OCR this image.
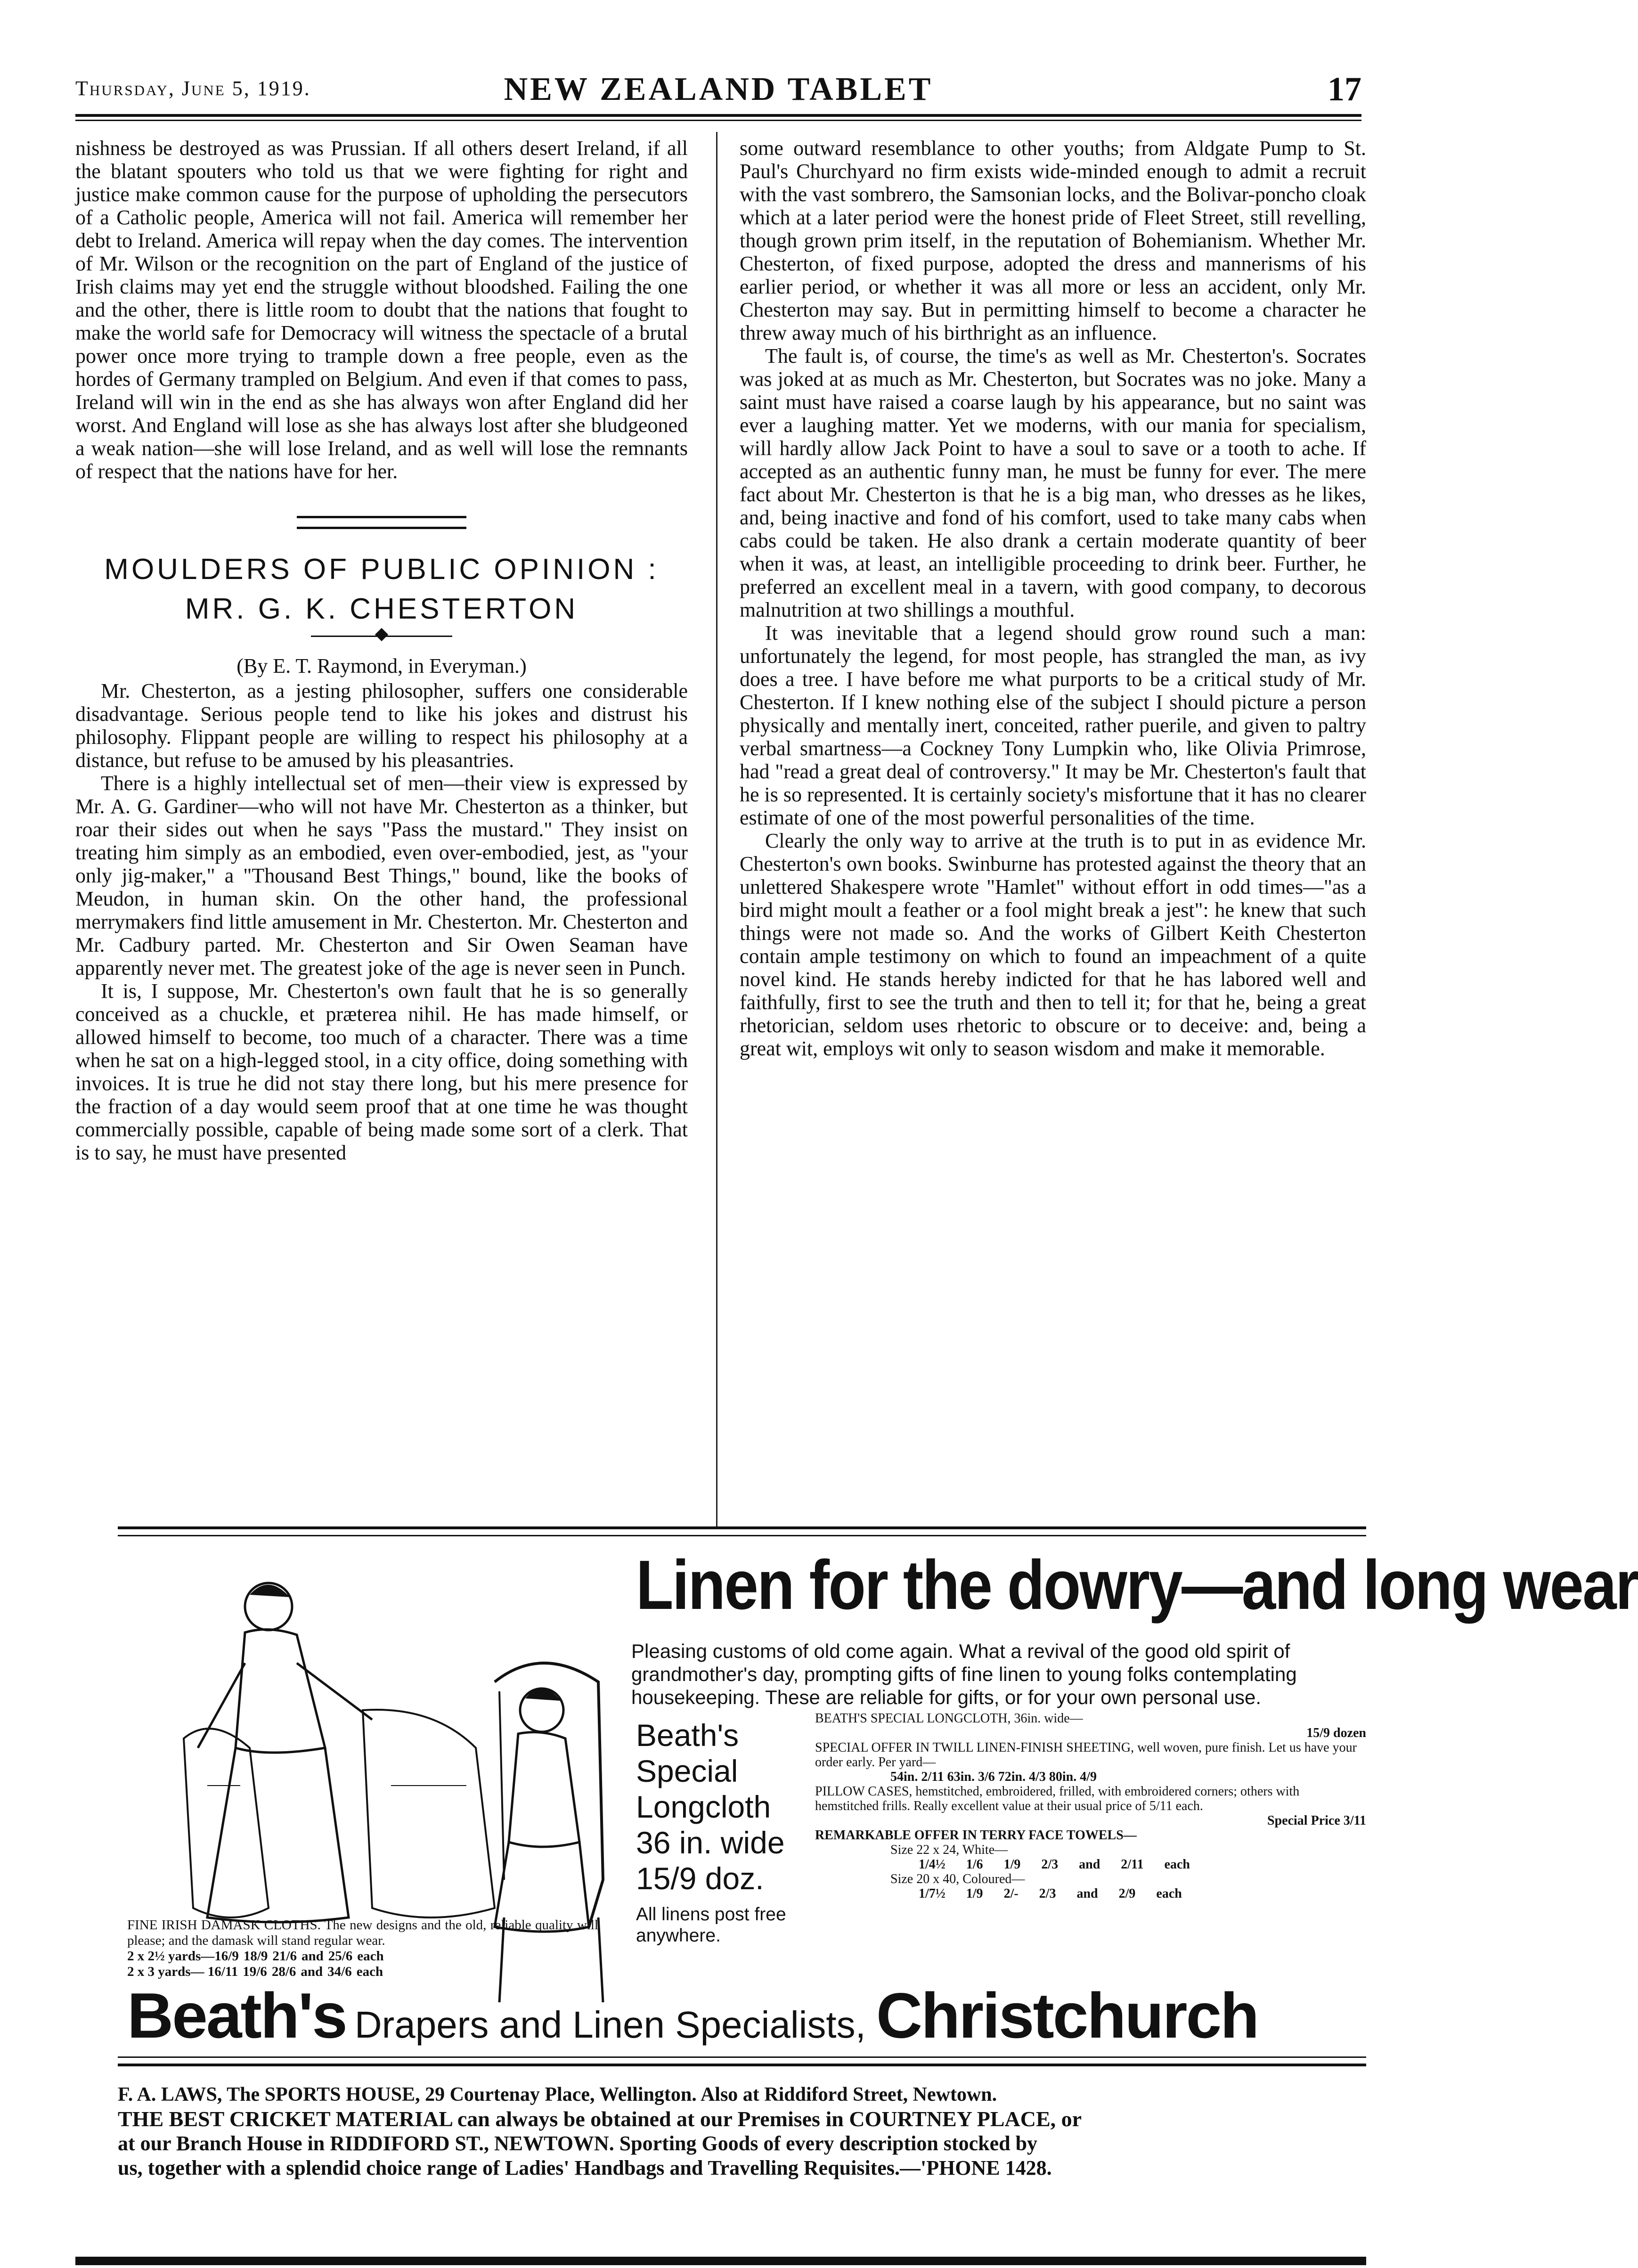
Thursday, June 5, 1919.	NEW ZEALAND TABLET	17

nishness be destroyed as was Prussian. If all others desert Ireland, if all the blatant spouters who told us that we were fighting for right and justice make common cause for the purpose of upholding the persecutors of a Catholic people, America will not fail. America will remember her debt to Ireland. America will repay when the day comes. The intervention of Mr. Wilson or the recognition on the part of England of the justice of Irish claims may yet end the struggle without bloodshed. Failing the one and the other, there is little room to doubt that the nations that fought to make the world safe for Democracy will witness the spectacle of a brutal power once more trying to trample down a free people, even as the hordes of Germany trampled on Belgium. And even if that comes to pass, Ireland will win in the end as she has always won after England did her worst. And England will lose as she has always lost after she bludgeoned a weak nation—she will lose Ireland, and as well will lose the remnants of respect that the nations have for her.

MOULDERS OF PUBLIC OPINION :
MR. G. K. CHESTERTON
(By E. T. Raymond, in Everyman.)

Mr. Chesterton, as a jesting philosopher, suffers one considerable disadvantage. Serious people tend to like his jokes and distrust his philosophy. Flippant people are willing to respect his philosophy at a distance, but refuse to be amused by his pleasantries.

There is a highly intellectual set of men—their view is expressed by Mr. A. G. Gardiner—who will not have Mr. Chesterton as a thinker, but roar their sides out when he says "Pass the mustard." They insist on treating him simply as an embodied, even over-embodied, jest, as "your only jig-maker," a "Thousand Best Things," bound, like the books of Meudon, in human skin. On the other hand, the professional merrymakers find little amusement in Mr. Chesterton. Mr. Chesterton and Mr. Cadbury parted. Mr. Chesterton and Sir Owen Seaman have apparently never met. The greatest joke of the age is never seen in Punch.

It is, I suppose, Mr. Chesterton's own fault that he is so generally conceived as a chuckle, et præterea nihil. He has made himself, or allowed himself to become, too much of a character. There was a time when he sat on a high-legged stool, in a city office, doing something with invoices. It is true he did not stay there long, but his mere presence for the fraction of a day would seem proof that at one time he was thought commercially possible, capable of being made some sort of a clerk. That is to say, he must have presented

some outward resemblance to other youths; from Aldgate Pump to St. Paul's Churchyard no firm exists wide-minded enough to admit a recruit with the vast sombrero, the Samsonian locks, and the Bolivar-poncho cloak which at a later period were the honest pride of Fleet Street, still revelling, though grown prim itself, in the reputation of Bohemianism. Whether Mr. Chesterton, of fixed purpose, adopted the dress and mannerisms of his earlier period, or whether it was all more or less an accident, only Mr. Chesterton may say. But in permitting himself to become a character he threw away much of his birthright as an influence.

The fault is, of course, the time's as well as Mr. Chesterton's. Socrates was joked at as much as Mr. Chesterton, but Socrates was no joke. Many a saint must have raised a coarse laugh by his appearance, but no saint was ever a laughing matter. Yet we moderns, with our mania for specialism, will hardly allow Jack Point to have a soul to save or a tooth to ache. If accepted as an authentic funny man, he must be funny for ever. The mere fact about Mr. Chesterton is that he is a big man, who dresses as he likes, and, being inactive and fond of his comfort, used to take many cabs when cabs could be taken. He also drank a certain moderate quantity of beer when it was, at least, an intelligible proceeding to drink beer. Further, he preferred an excellent meal in a tavern, with good company, to decorous malnutrition at two shillings a mouthful.

It was inevitable that a legend should grow round such a man: unfortunately the legend, for most people, has strangled the man, as ivy does a tree. I have before me what purports to be a critical study of Mr. Chesterton. If I knew nothing else of the subject I should picture a person physically and mentally inert, conceited, rather puerile, and given to paltry verbal smartness—a Cockney Tony Lumpkin who, like Olivia Primrose, had "read a great deal of controversy." It may be Mr. Chesterton's fault that he is so represented. It is certainly society's misfortune that it has no clearer estimate of one of the most powerful personalities of the time.

Clearly the only way to arrive at the truth is to put in as evidence Mr. Chesterton's own books. Swinburne has protested against the theory that an unlettered Shakespere wrote "Hamlet" without effort in odd times—"as a bird might moult a feather or a fool might break a jest": he knew that such things were not made so. And the works of Gilbert Keith Chesterton contain ample testimony on which to found an impeachment of a quite novel kind. He stands hereby indicted for that he has labored well and faithfully, first to see the truth and then to tell it; for that he, being a great rhetorician, seldom uses rhetoric to obscure or to deceive: and, being a great wit, employs wit only to season wisdom and make it memorable.

Linen for the dowry—and long wear
Pleasing customs of old come again. What a revival of the good old spirit of grandmother's day, prompting gifts of fine linen to young folks contemplating housekeeping. These are reliable for gifts, or for your own personal use.
FINE IRISH DAMASK CLOTHS. The new designs and the old, reliable quality will please; and the damask will stand regular wear.
2 x 2½ yards—16/9 18/9 21/6 and 25/6 each
2 x 3 yards— 16/11 19/6 28/6 and 34/6 each
Beath's
Special
Longcloth
36 in. wide
15/9 doz.
All linens post free anywhere.
BEATH'S SPECIAL LONGCLOTH, 36in. wide—
15/9 dozen
SPECIAL OFFER IN TWILL LINEN-FINISH SHEETING, well woven, pure finish. Let us have your order early. Per yard—
54in. 2/11 63in. 3/6 72in. 4/3 80in. 4/9
PILLOW CASES, hemstitched, embroidered, frilled, with embroidered corners; others with hemstitched frills. Really excellent value at their usual price of 5/11 each.
Special Price 3/11
REMARKABLE OFFER IN TERRY FACE TOWELS—
Size 22 x 24, White—
1/4½ 1/6 1/9 2/3 and 2/11 each
Size 20 x 40, Coloured—
1/7½ 1/9 2/- 2/3 and 2/9 each
Beath's Drapers and Linen Specialists, Christchurch
F. A. LAWS, The SPORTS HOUSE, 29 Courtenay Place, Wellington. Also at Riddiford Street, Newtown.
THE BEST CRICKET MATERIAL can always be obtained at our Premises in COURTNEY PLACE, or
at our Branch House in RIDDIFORD ST., NEWTOWN. Sporting Goods of every description stocked by
us, together with a splendid choice range of Ladies' Handbags and Travelling Requisites.—'PHONE 1428.
